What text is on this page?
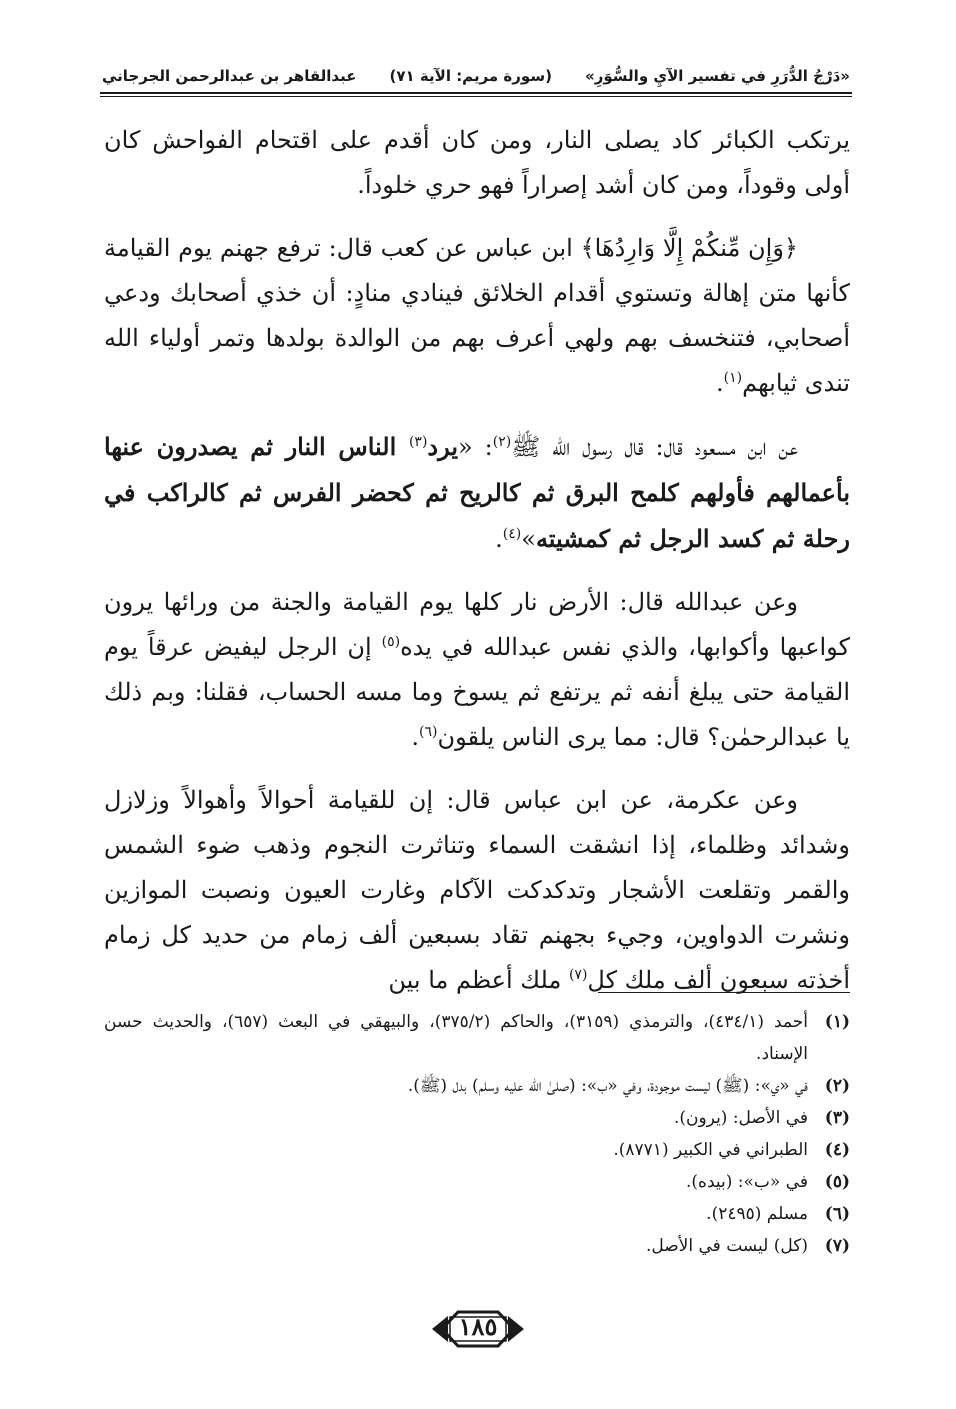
«دَرْجُ الدُّرَرِ في تفسير الآيِ والسُّوَرِ»
(سورة مريم: الآية ٧١)
عبدالقاهر بن عبدالرحمن الجرجاني

يرتكب الكبائر كاد يصلى النار، ومن كان أقدم على اقتحام الفواحش كان أولى وقوداً، ومن كان أشد إصراراً فهو حري خلوداً.

﴿وَإِن مِّنكُمْ إِلَّا وَارِدُهَا﴾ ابن عباس عن كعب قال: ترفع جهنم يوم القيامة كأنها متن إهالة وتستوي أقدام الخلائق فينادي منادٍ: أن خذي أصحابك ودعي أصحابي، فتنخسف بهم ولهي أعرف بهم من الوالدة بولدها وتمر أولياء الله تندى ثيابهم$^{(١)}$.

عن ابن مسعود قال: قال رسول الله ﷺ$^{(٢)}$: «يرد$^{(٣)}$ الناس النار ثم يصدرون عنها بأعمالهم فأولهم كلمح البرق ثم كالريح ثم كحضر الفرس ثم كالراكب في رحلة ثم كسد الرجل ثم كمشيته»$^{(٤)}$.

وعن عبدالله قال: الأرض نار كلها يوم القيامة والجنة من ورائها يرون كواعبها وأكوابها، والذي نفس عبدالله في يده$^{(٥)}$ إن الرجل ليفيض عرقاً يوم القيامة حتى يبلغ أنفه ثم يرتفع ثم يسوخ وما مسه الحساب، فقلنا: وبم ذلك يا عبدالرحمٰن؟ قال: مما يرى الناس يلقون$^{(٦)}$.

وعن عكرمة، عن ابن عباس قال: إن للقيامة أحوالاً وأهوالاً وزلازل وشدائد وظلماء، إذا انشقت السماء وتناثرت النجوم وذهب ضوء الشمس والقمر وتقلعت الأشجار وتدكدكت الآكام وغارت العيون ونصبت الموازين ونشرت الدواوين، وجيء بجهنم تقاد بسبعين ألف زمام من حديد كل زمام أخذته سبعون ألف ملك كل$^{(٧)}$ ملك أعظم ما بين

(١)
أحمد (٤٣٤/١)، والترمذي (٣١٥٩)، والحاكم (٣٧٥/٢)، والبيهقي في البعث (٦٥٧)، والحديث حسن الإسناد.
(٢)
في «ي»: (ﷺ) ليست موجودة، وفي «ب»: (صلىٰ الله عليه وسلم) بدل (ﷺ).
(٣)
في الأصل: (يرون).
(٤)
الطبراني في الكبير (٨٧٧١).
(٥)
في «ب»: (بيده).
(٦)
مسلم (٢٤٩٥).
(٧)
(كل) ليست في الأصل.
١٨٥
